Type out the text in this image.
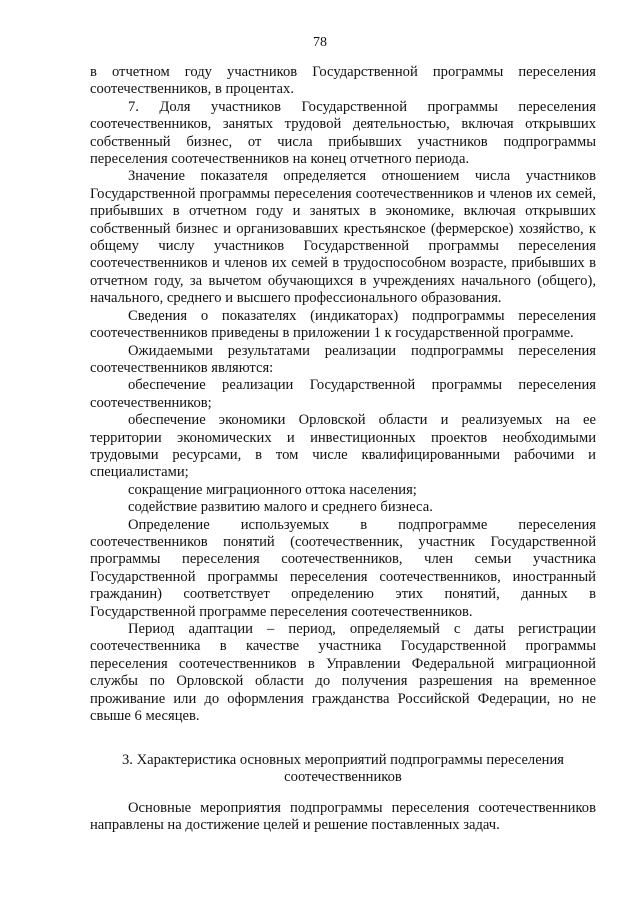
78

в отчетном году участников Государственной программы переселения соотечественников, в процентах.

7. Доля участников Государственной программы переселения соотечественников, занятых трудовой деятельностью, включая открывших собственный бизнес, от числа прибывших участников подпрограммы переселения соотечественников на конец отчетного периода.

Значение показателя определяется отношением числа участников Государственной программы переселения соотечественников и членов их семей, прибывших в отчетном году и занятых в экономике, включая открывших собственный бизнес и организовавших крестьянское (фермерское) хозяйство, к общему числу участников Государственной программы переселения соотечественников и членов их семей в трудоспособном возрасте, прибывших в отчетном году, за вычетом обучающихся в учреждениях начального (общего), начального, среднего и высшего профессионального образования.

Сведения о показателях (индикаторах) подпрограммы переселения соотечественников приведены в приложении 1 к государственной программе.

Ожидаемыми результатами реализации подпрограммы переселения соотечественников являются:

обеспечение реализации Государственной программы переселения соотечественников;

обеспечение экономики Орловской области и реализуемых на ее территории экономических и инвестиционных проектов необходимыми трудовыми ресурсами, в том числе квалифицированными рабочими и специалистами;

сокращение миграционного оттока населения;

содействие развитию малого и среднего бизнеса.

Определение используемых в подпрограмме переселения соотечественников понятий (соотечественник, участник Государственной программы переселения соотечественников, член семьи участника Государственной программы переселения соотечественников, иностранный гражданин) соответствует определению этих понятий, данных в Государственной программе переселения соотечественников.

Период адаптации – период, определяемый с даты регистрации соотечественника в качестве участника Государственной программы переселения соотечественников в Управлении Федеральной миграционной службы по Орловской области до получения разрешения на временное проживание или до оформления гражданства Российской Федерации, но не свыше 6 месяцев.

3. Характеристика основных мероприятий подпрограммы переселения
соотечественников

Основные мероприятия подпрограммы переселения соотечественников направлены на достижение целей и решение поставленных задач.
